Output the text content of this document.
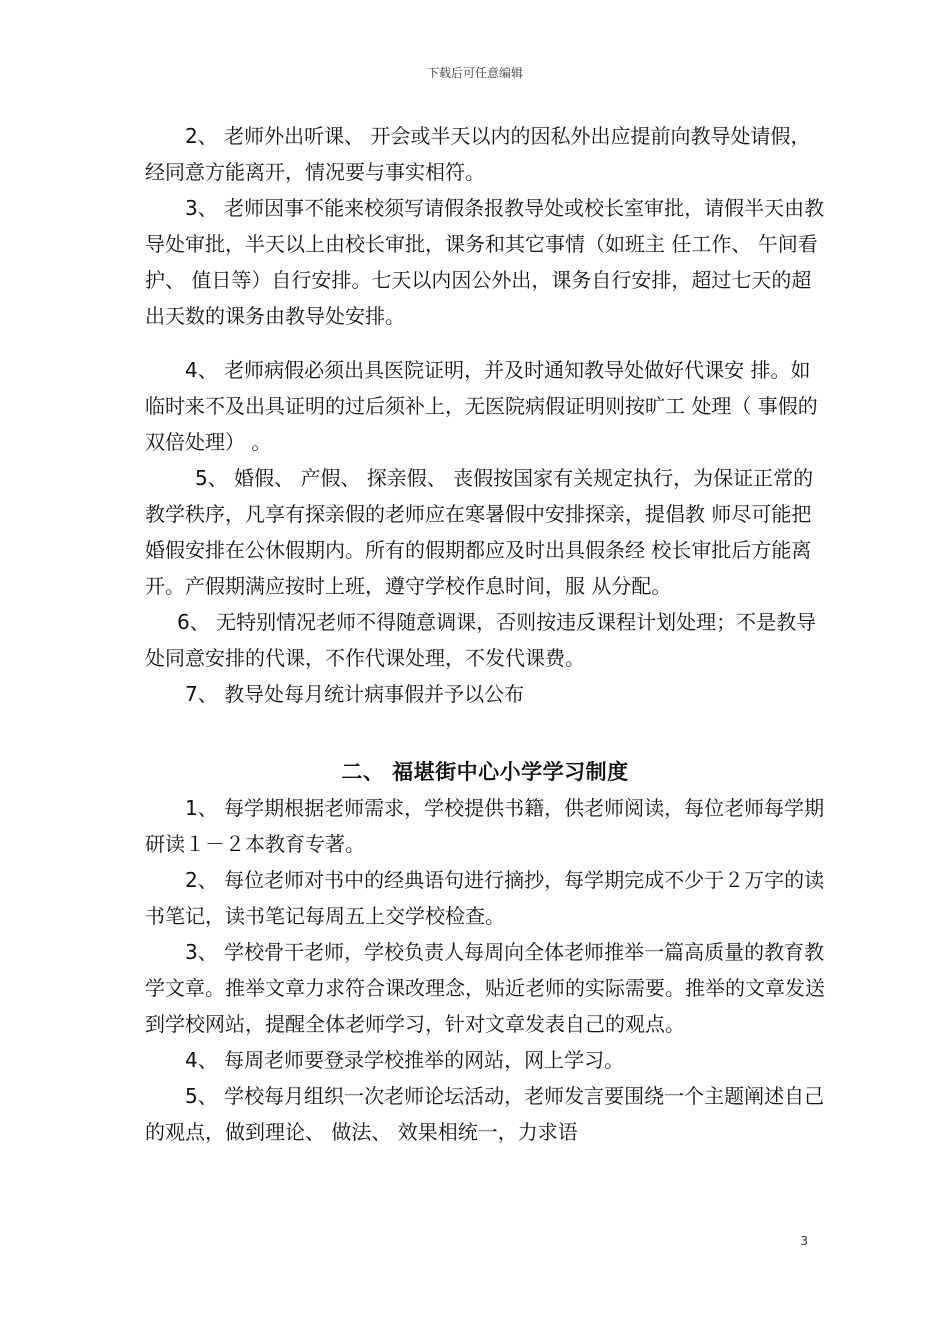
下载后可任意编辑

2、 老师外出听课、 开会或半天以内的因私外出应提前向教导处请假，经同意方能离开，情况要与事实相符。

3、 老师因事不能来校须写请假条报教导处或校长室审批，请假半天由教导处审批，半天以上由校长审批，课务和其它事情（如班主 任工作、 午间看护、 值日等）自行安排。七天以内因公外出，课务自行安排，超过七天的超出天数的课务由教导处安排。

4、 老师病假必须出具医院证明，并及时通知教导处做好代课安 排。如临时来不及出具证明的过后须补上，无医院病假证明则按旷工 处理（ 事假的双倍处理） 。

5、 婚假、 产假、 探亲假、 丧假按国家有关规定执行，为保证正常的教学秩序，凡享有探亲假的老师应在寒暑假中安排探亲，提倡教 师尽可能把婚假安排在公休假期内。所有的假期都应及时出具假条经 校长审批后方能离开。产假期满应按时上班，遵守学校作息时间，服 从分配。

6、 无特别情况老师不得随意调课，否则按违反课程计划处理；不是教导处同意安排的代课，不作代课处理，不发代课费。

7、 教导处每月统计病事假并予以公布

二、 福堪街中心小学学习制度

1、 每学期根据老师需求，学校提供书籍，供老师阅读，每位老师每学期研读１－２本教育专著。

2、 每位老师对书中的经典语句进行摘抄，每学期完成不少于２万字的读书笔记，读书笔记每周五上交学校检查。

3、 学校骨干老师，学校负责人每周向全体老师推举一篇高质量的教育教学文章。推举文章力求符合课改理念，贴近老师的实际需要。推举的文章发送到学校网站，提醒全体老师学习，针对文章发表自己的观点。

4、 每周老师要登录学校推举的网站，网上学习。

5、 学校每月组织一次老师论坛活动，老师发言要围绕一个主题阐述自己的观点，做到理论、 做法、 效果相统一，力求语

3
